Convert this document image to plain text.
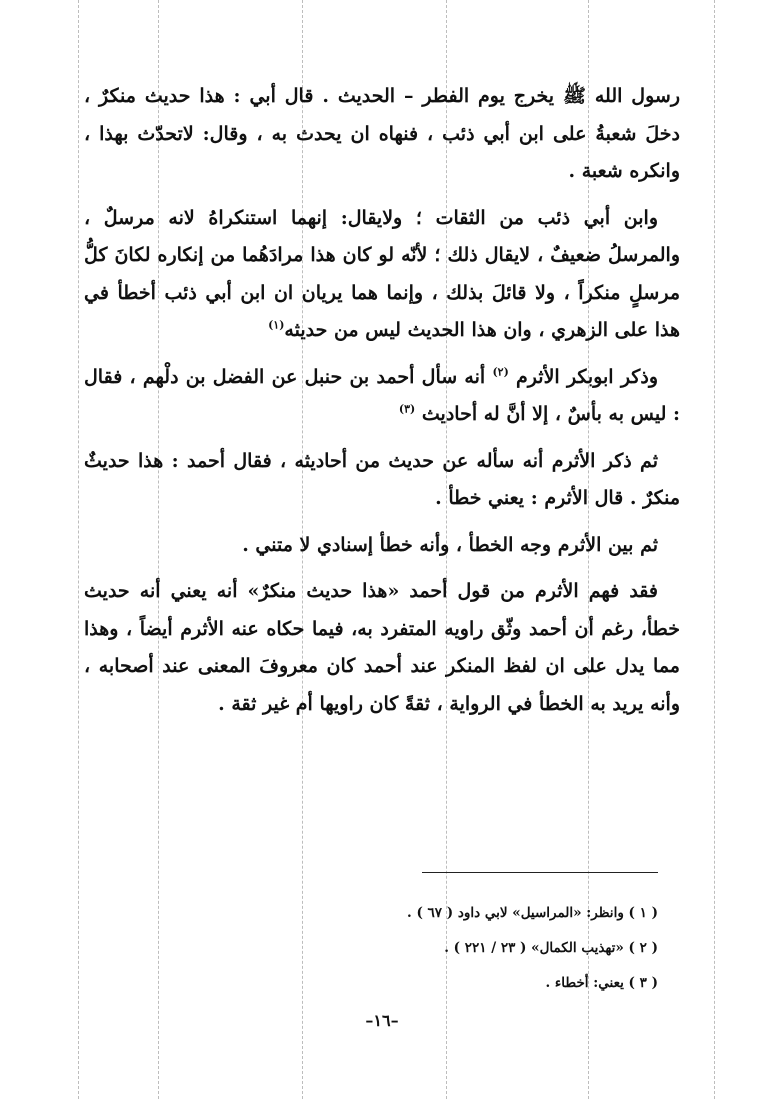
رسول الله ﷺ يخرج يوم الفطر – الحديث . قال أبي : هذا حديث منكرٌ ، دخلَ شعبةُ على ابن أبي ذئب ، فنهاه ان يحدث به ، وقال: لاتحدّث بهذا ، وانكره شعبة .

وابن أبي ذئب من الثقات ؛ ولايقال: إنهما استنكراهُ لانه مرسلٌ ، والمرسلُ ضعيفٌ ، لايقال ذلك ؛ لأنّه لو كان هذا مرادَهُما من إنكاره لكانَ كلُّ مرسلٍ منكراً ، ولا قائلَ بذلك ، وإنما هما يريان ان ابن أبي ذئب أخطأ في هذا على الزهري ، وان هذا الحديث ليس من حديثه$^{(١)}$

وذكر ابوبكر الأثرم $^{(٢)}$ أنه سأل أحمد بن حنبل عن الفضل بن دلْهم ، فقال : ليس به بأسٌ ، إلا أنَّ له أحاديث $^{(٣)}$

ثم ذكر الأثرم أنه سأله عن حديث من أحاديثه ، فقال أحمد : هذا حديثٌ منكرٌ . قال الأثرم : يعني خطأ .

ثم بين الأثرم وجه الخطأ ، وأنه خطأ إسنادي لا متني .

فقد فهم الأثرم من قول أحمد «هذا حديث منكرٌ» أنه يعني أنه حديث خطأ، رغم أن أحمد وثّق راويه المتفرد به، فيما حكاه عنه الأثرم أيضاً ، وهذا مما يدل على ان لفظ المنكر عند أحمد كان معروفَ المعنى عند أصحابه ، وأنه يريد به الخطأ في الرواية ، ثقةً كان راويها أم غير ثقة .

( ١ ) وانظر: «المراسيل» لابي داود ( ٦٧ ) .

( ٢ ) «تهذيب الكمال» ( ٢٣ / ٢٢١ ) .

( ٣ ) يعني: أخطاء .

–١٦–
